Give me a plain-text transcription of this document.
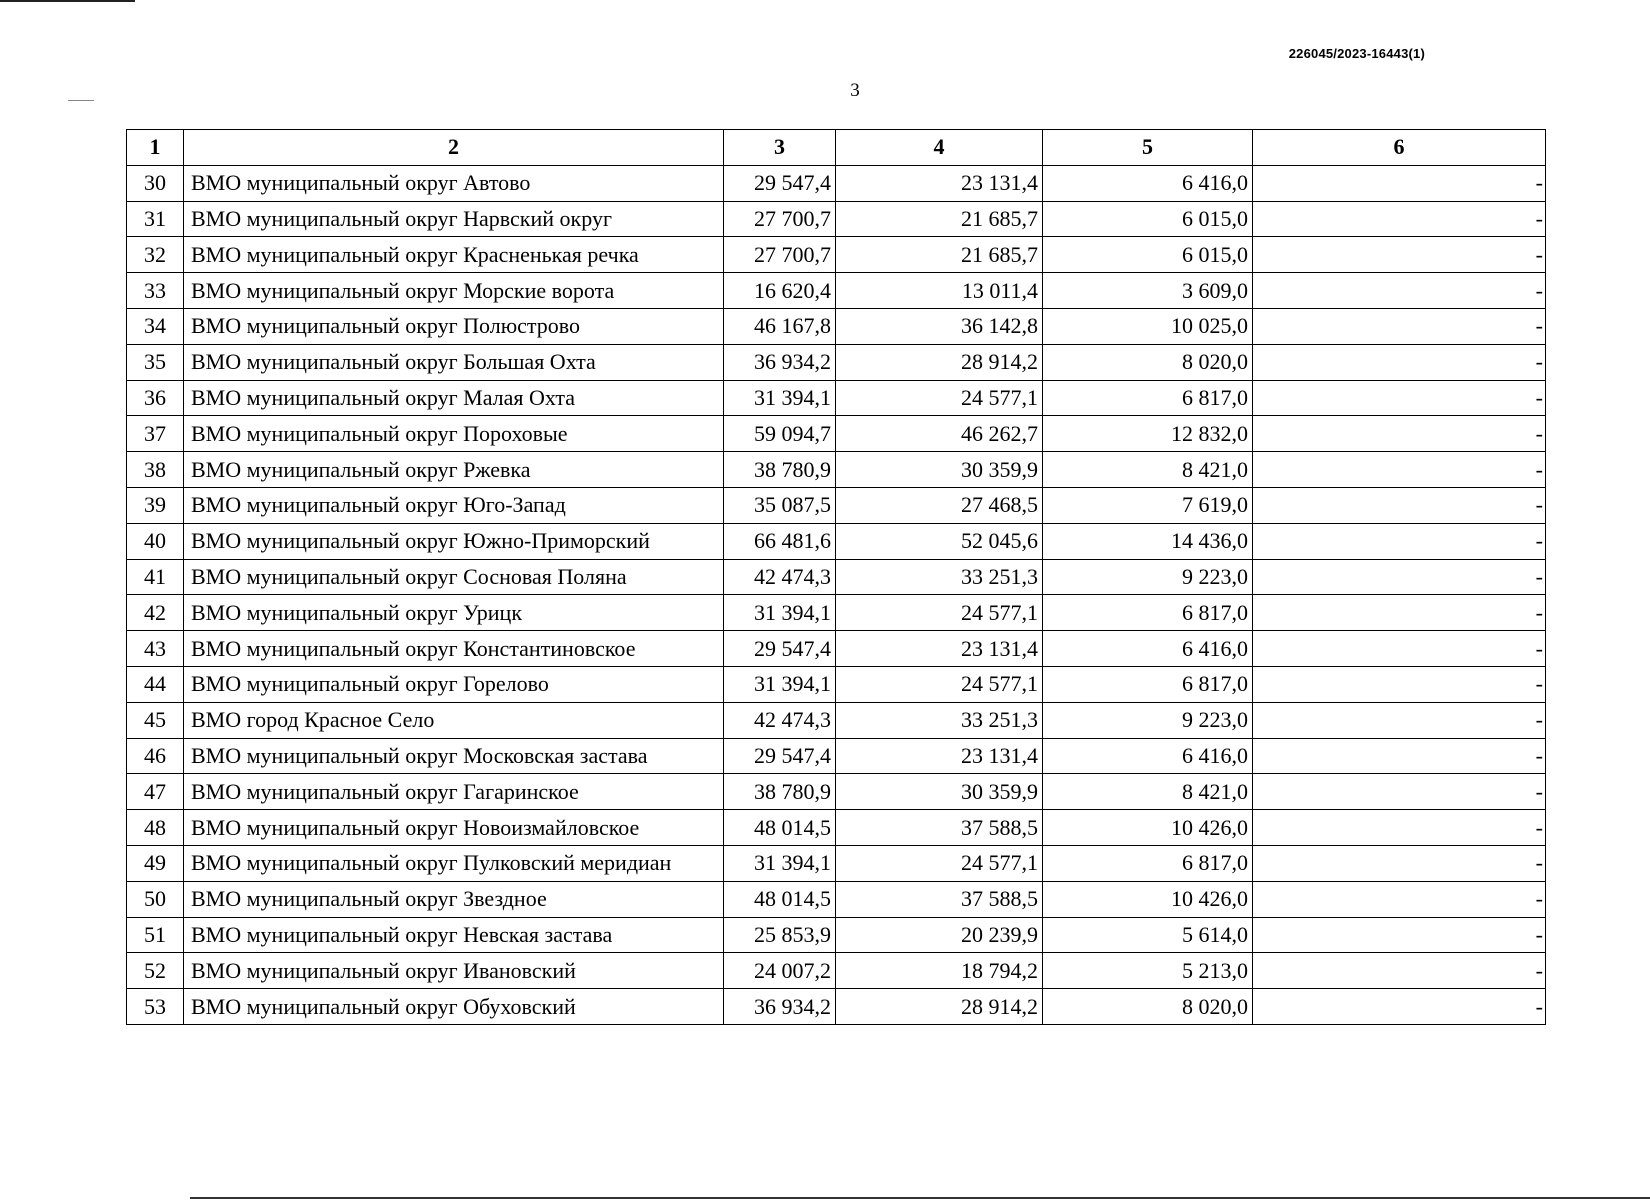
226045/2023-16443(1)
3
1	2	3	4	5	6
30	ВМО муниципальный округ Автово	29 547,4	23 131,4	6 416,0	-
31	ВМО муниципальный округ Нарвский округ	27 700,7	21 685,7	6 015,0	-
32	ВМО муниципальный округ Красненькая речка	27 700,7	21 685,7	6 015,0	-
33	ВМО муниципальный округ Морские ворота	16 620,4	13 011,4	3 609,0	-
34	ВМО муниципальный округ Полюстрово	46 167,8	36 142,8	10 025,0	-
35	ВМО муниципальный округ Большая Охта	36 934,2	28 914,2	8 020,0	-
36	ВМО муниципальный округ Малая Охта	31 394,1	24 577,1	6 817,0	-
37	ВМО муниципальный округ Пороховые	59 094,7	46 262,7	12 832,0	-
38	ВМО муниципальный округ Ржевка	38 780,9	30 359,9	8 421,0	-
39	ВМО муниципальный округ Юго-Запад	35 087,5	27 468,5	7 619,0	-
40	ВМО муниципальный округ Южно-Приморский	66 481,6	52 045,6	14 436,0	-
41	ВМО муниципальный округ Сосновая Поляна	42 474,3	33 251,3	9 223,0	-
42	ВМО муниципальный округ Урицк	31 394,1	24 577,1	6 817,0	-
43	ВМО муниципальный округ Константиновское	29 547,4	23 131,4	6 416,0	-
44	ВМО муниципальный округ Горелово	31 394,1	24 577,1	6 817,0	-
45	ВМО город Красное Село	42 474,3	33 251,3	9 223,0	-
46	ВМО муниципальный округ Московская застава	29 547,4	23 131,4	6 416,0	-
47	ВМО муниципальный округ Гагаринское	38 780,9	30 359,9	8 421,0	-
48	ВМО муниципальный округ Новоизмайловское	48 014,5	37 588,5	10 426,0	-
49	ВМО муниципальный округ Пулковский меридиан	31 394,1	24 577,1	6 817,0	-
50	ВМО муниципальный округ Звездное	48 014,5	37 588,5	10 426,0	-
51	ВМО муниципальный округ Невская застава	25 853,9	20 239,9	5 614,0	-
52	ВМО муниципальный округ Ивановский	24 007,2	18 794,2	5 213,0	-
53	ВМО муниципальный округ Обуховский	36 934,2	28 914,2	8 020,0	-
